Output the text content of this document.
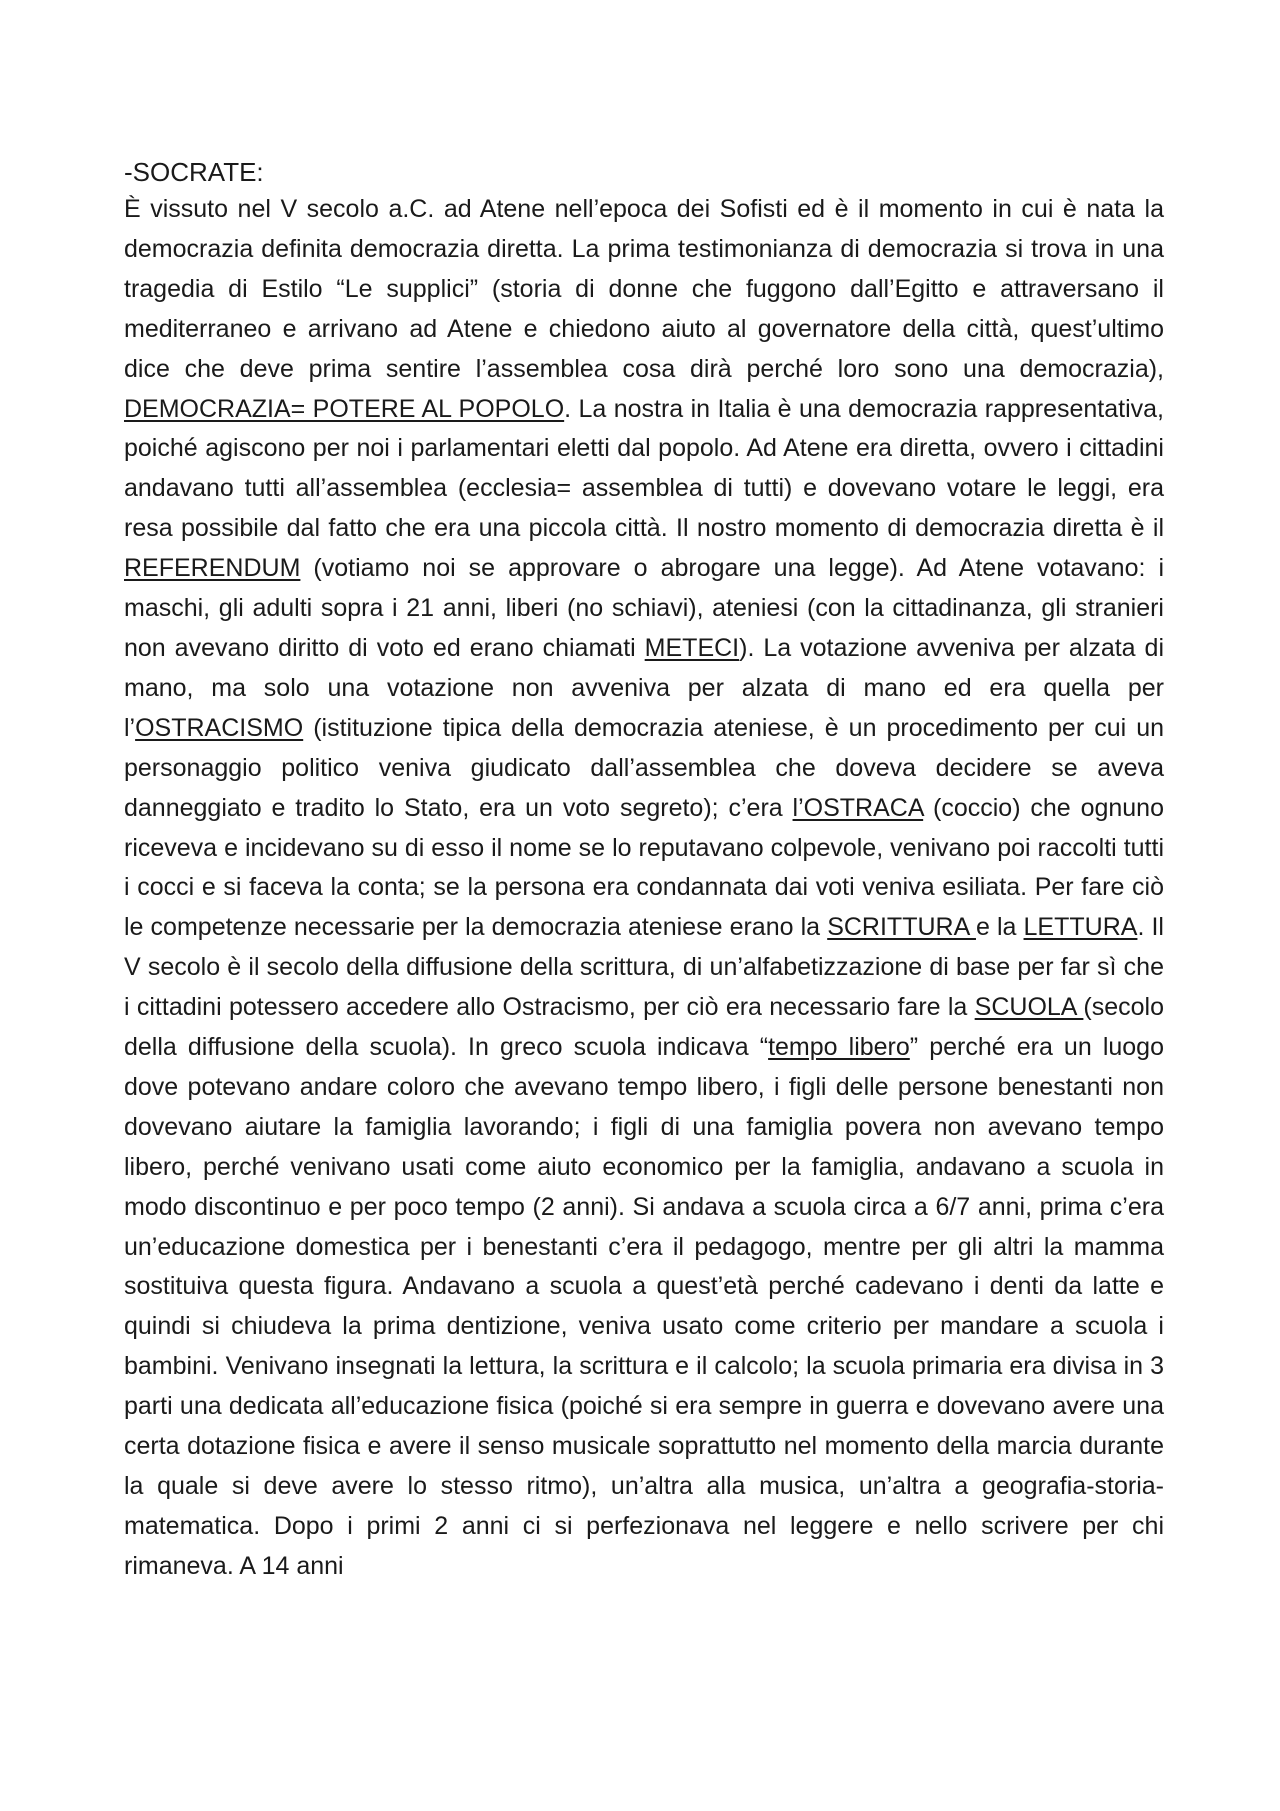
-SOCRATE:

È vissuto nel V secolo a.C. ad Atene nell’epoca dei Sofisti ed è il momento in cui è nata la democrazia definita democrazia diretta. La prima testimonianza di democrazia si trova in una tragedia di Estilo “Le supplici” (storia di donne che fuggono dall’Egitto e attraversano il mediterraneo e arrivano ad Atene e chiedono aiuto al governatore della città, quest’ultimo dice che deve prima sentire l’assemblea cosa dirà perché loro sono una democrazia), DEMOCRAZIA= POTERE AL POPOLO. La nostra in Italia è una democrazia rappresentativa, poiché agiscono per noi i parlamentari eletti dal popolo. Ad Atene era diretta, ovvero i cittadini andavano tutti all’assemblea (ecclesia= assemblea di tutti) e dovevano votare le leggi, era resa possibile dal fatto che era una piccola città. Il nostro momento di democrazia diretta è il REFERENDUM (votiamo noi se approvare o abrogare una legge). Ad Atene votavano: i maschi, gli adulti sopra i 21 anni, liberi (no schiavi), ateniesi (con la cittadinanza, gli stranieri non avevano diritto di voto ed erano chiamati METECI). La votazione avveniva per alzata di mano, ma solo una votazione non avveniva per alzata di mano ed era quella per l’OSTRACISMO (istituzione tipica della democrazia ateniese, è un procedimento per cui un personaggio politico veniva giudicato dall’assemblea che doveva decidere se aveva danneggiato e tradito lo Stato, era un voto segreto); c’era l’OSTRACA (coccio) che ognuno riceveva e incidevano su di esso il nome se lo reputavano colpevole, venivano poi raccolti tutti i cocci e si faceva la conta; se la persona era condannata dai voti veniva esiliata. Per fare ciò le competenze necessarie per la democrazia ateniese erano la SCRITTURA e la LETTURA. Il V secolo è il secolo della diffusione della scrittura, di un’alfabetizzazione di base per far sì che i cittadini potessero accedere allo Ostracismo, per ciò era necessario fare la SCUOLA (secolo della diffusione della scuola). In greco scuola indicava “tempo libero” perché era un luogo dove potevano andare coloro che avevano tempo libero, i figli delle persone benestanti non dovevano aiutare la famiglia lavorando; i figli di una famiglia povera non avevano tempo libero, perché venivano usati come aiuto economico per la famiglia, andavano a scuola in modo discontinuo e per poco tempo (2 anni). Si andava a scuola circa a 6/7 anni, prima c’era un’educazione domestica per i benestanti c’era il pedagogo, mentre per gli altri la mamma sostituiva questa figura. Andavano a scuola a quest’età perché cadevano i denti da latte e quindi si chiudeva la prima dentizione, veniva usato come criterio per mandare a scuola i bambini. Venivano insegnati la lettura, la scrittura e il calcolo; la scuola primaria era divisa in 3 parti una dedicata all’educazione fisica (poiché si era sempre in guerra e dovevano avere una certa dotazione fisica e avere il senso musicale soprattutto nel momento della marcia durante la quale si deve avere lo stesso ritmo), un’altra alla musica, un’altra a geografia-storia-matematica. Dopo i primi 2 anni ci si perfezionava nel leggere e nello scrivere per chi rimaneva. A 14 anni
